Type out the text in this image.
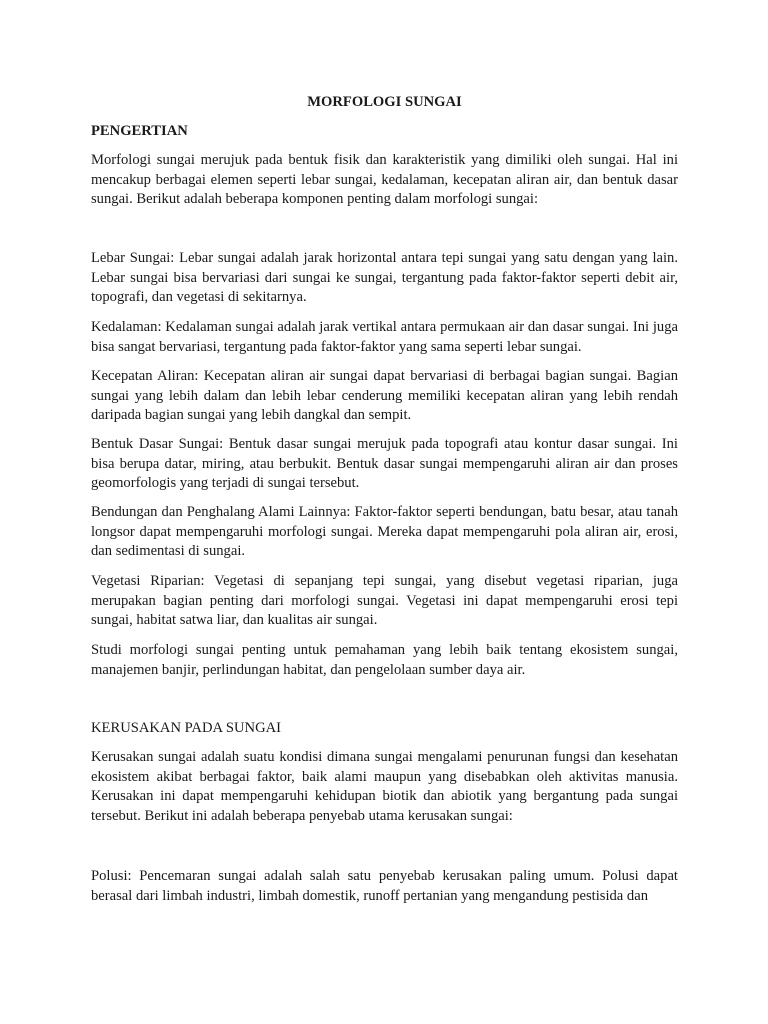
MORFOLOGI SUNGAI
PENGERTIAN

Morfologi sungai merujuk pada bentuk fisik dan karakteristik yang dimiliki oleh sungai. Hal ini mencakup berbagai elemen seperti lebar sungai, kedalaman, kecepatan aliran air, dan bentuk dasar sungai. Berikut adalah beberapa komponen penting dalam morfologi sungai:

Lebar Sungai: Lebar sungai adalah jarak horizontal antara tepi sungai yang satu dengan yang lain. Lebar sungai bisa bervariasi dari sungai ke sungai, tergantung pada faktor-faktor seperti debit air, topografi, dan vegetasi di sekitarnya.

Kedalaman: Kedalaman sungai adalah jarak vertikal antara permukaan air dan dasar sungai. Ini juga bisa sangat bervariasi, tergantung pada faktor-faktor yang sama seperti lebar sungai.

Kecepatan Aliran: Kecepatan aliran air sungai dapat bervariasi di berbagai bagian sungai. Bagian sungai yang lebih dalam dan lebih lebar cenderung memiliki kecepatan aliran yang lebih rendah daripada bagian sungai yang lebih dangkal dan sempit.

Bentuk Dasar Sungai: Bentuk dasar sungai merujuk pada topografi atau kontur dasar sungai. Ini bisa berupa datar, miring, atau berbukit. Bentuk dasar sungai mempengaruhi aliran air dan proses geomorfologis yang terjadi di sungai tersebut.

Bendungan dan Penghalang Alami Lainnya: Faktor-faktor seperti bendungan, batu besar, atau tanah longsor dapat mempengaruhi morfologi sungai. Mereka dapat mempengaruhi pola aliran air, erosi, dan sedimentasi di sungai.

Vegetasi Riparian: Vegetasi di sepanjang tepi sungai, yang disebut vegetasi riparian, juga merupakan bagian penting dari morfologi sungai. Vegetasi ini dapat mempengaruhi erosi tepi sungai, habitat satwa liar, dan kualitas air sungai.

Studi morfologi sungai penting untuk pemahaman yang lebih baik tentang ekosistem sungai, manajemen banjir, perlindungan habitat, dan pengelolaan sumber daya air.

KERUSAKAN PADA SUNGAI

Kerusakan sungai adalah suatu kondisi dimana sungai mengalami penurunan fungsi dan kesehatan ekosistem akibat berbagai faktor, baik alami maupun yang disebabkan oleh aktivitas manusia. Kerusakan ini dapat mempengaruhi kehidupan biotik dan abiotik yang bergantung pada sungai tersebut. Berikut ini adalah beberapa penyebab utama kerusakan sungai:

Polusi: Pencemaran sungai adalah salah satu penyebab kerusakan paling umum. Polusi dapat berasal dari limbah industri, limbah domestik, runoff pertanian yang mengandung pestisida dan
